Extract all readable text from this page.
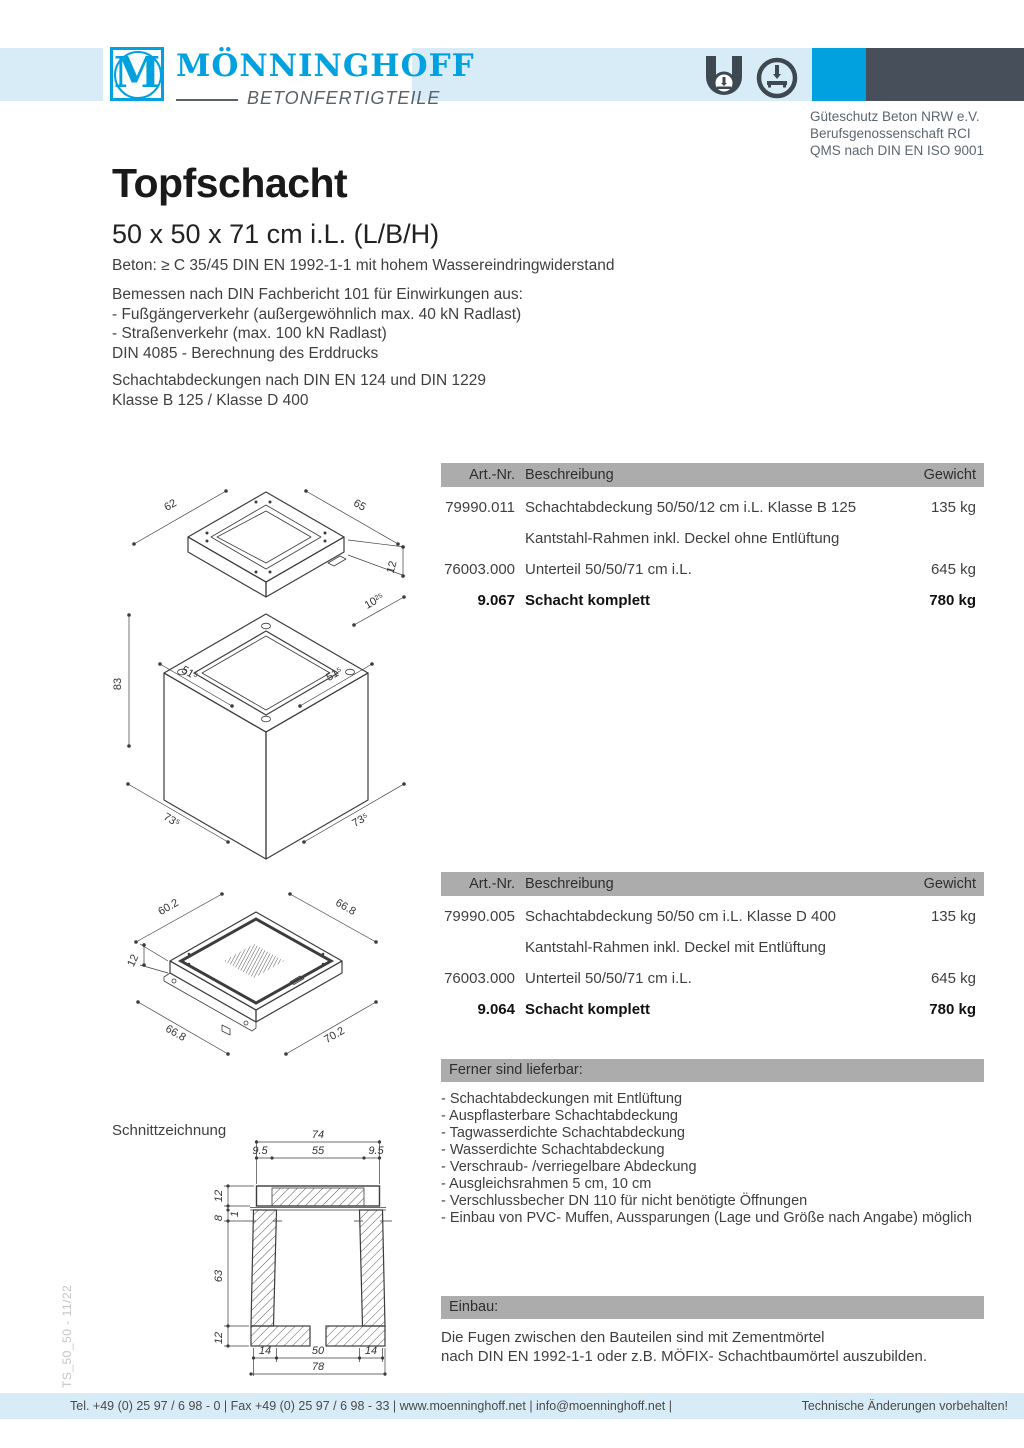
M MÖNNINGHOFF
BETONFERTIGTEILE
Güteschutz Beton NRW e.V.
Berufsgenossenschaft RCI
QMS nach DIN EN ISO 9001
Topfschacht
50 x 50 x 71 cm i.L. (L/B/H)
Beton: ≥ C 35/45 DIN EN 1992-1-1 mit hohem Wassereindringwiderstand
Bemessen nach DIN Fachbericht 101 für Einwirkungen aus:
- Fußgängerverkehr (außergewöhnlich max. 40 kN Radlast)
- Straßenverkehr (max. 100 kN Radlast)
DIN 4085 - Berechnung des Erddrucks
Schachtabdeckungen nach DIN EN 124 und DIN 1229
Klasse B 125 / Klasse D 400
62	65
12
10²⁵
51⁵	51⁵
83
73⁵	73⁵
Art.-Nr. Beschreibung	Gewicht
79990.011 Schachtabdeckung 50/50/12 cm i.L. Klasse B 125	135 kg
Kantstahl-Rahmen inkl. Deckel ohne Entlüftung
76003.000 Unterteil 50/50/71 cm i.L.	645 kg
9.067 Schacht komplett	780 kg
Art.-Nr. Beschreibung	Gewicht
79990.005 Schachtabdeckung 50/50 cm i.L. Klasse D 400	135 kg
Kantstahl-Rahmen inkl. Deckel mit Entlüftung
76003.000 Unterteil 50/50/71 cm i.L.	645 kg
9.064 Schacht komplett	780 kg
60.2	66.8
12
66.8	70.2
Ferner sind lieferbar:
- Schachtabdeckungen mit Entlüftung
- Auspflasterbare Schachtabdeckung
- Tagwasserdichte Schachtabdeckung
- Wasserdichte Schachtabdeckung
- Verschraub- /verriegelbare Abdeckung
- Ausgleichsrahmen 5 cm, 10 cm
- Verschlussbecher DN 110 für nicht benötigte Öffnungen
- Einbau von PVC- Muffen, Aussparungen (Lage und Größe nach Angabe) möglich
Schnittzeichnung	74
9.5	55	9.5
12
1
8
63
12
14	50	14
78
Einbau:
Die Fugen zwischen den Bauteilen sind mit Zementmörtel
nach DIN EN 1992-1-1 oder z.B. MÖFIX- Schachtbaumörtel auszubilden.
TS_50_50 - 11/22
Tel. +49 (0) 25 97 / 6 98 - 0 | Fax +49 (0) 25 97 / 6 98 - 33 | www.moenninghoff.net | info@moenninghoff.net |	Technische Änderungen vorbehalten!
